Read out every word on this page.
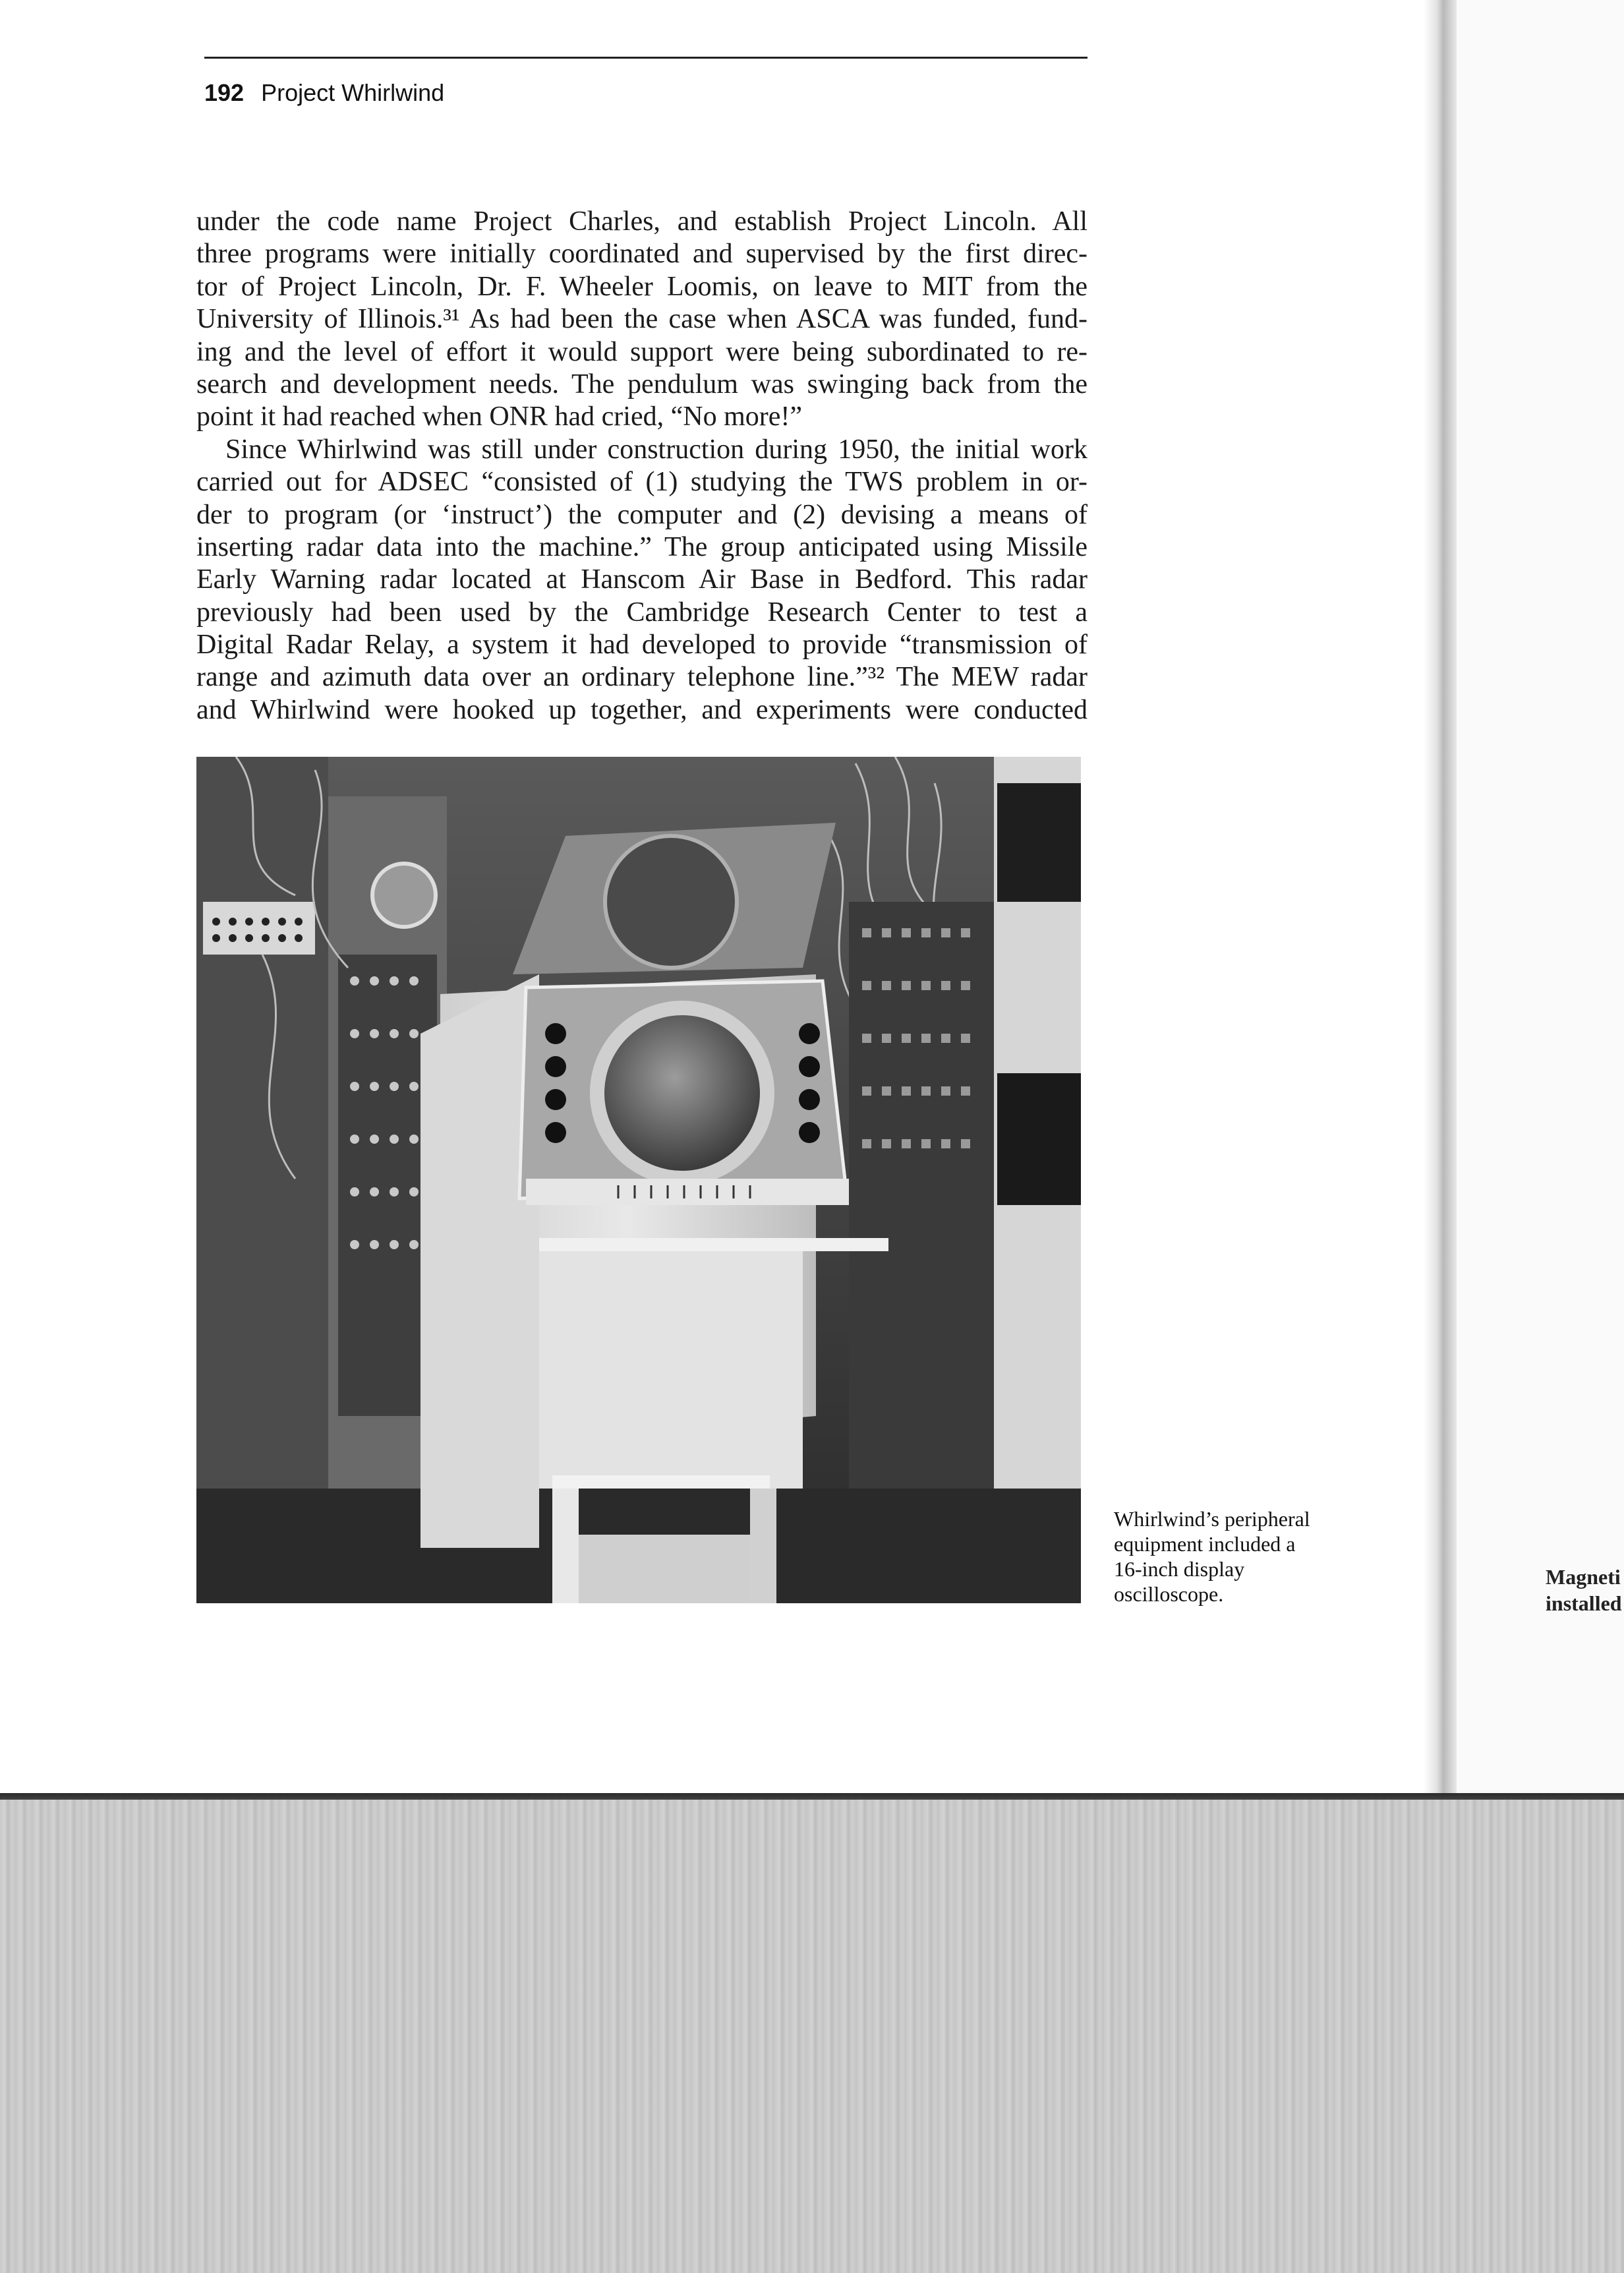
192 Project Whirlwind
under the code name Project Charles, and establish Project Lincoln. All
three programs were initially coordinated and supervised by the first direc-
tor of Project Lincoln, Dr. F. Wheeler Loomis, on leave to MIT from the
University of Illinois.³¹ As had been the case when ASCA was funded, fund-
ing and the level of effort it would support were being subordinated to re-
search and development needs. The pendulum was swinging back from the
point it had reached when ONR had cried, “No more!”
Since Whirlwind was still under construction during 1950, the initial work
carried out for ADSEC “consisted of (1) studying the TWS problem in or-
der to program (or ‘instruct’) the computer and (2) devising a means of
inserting radar data into the machine.” The group anticipated using Missile
Early Warning radar located at Hanscom Air Base in Bedford. This radar
previously had been used by the Cambridge Research Center to test a
Digital Radar Relay, a system it had developed to provide “transmission of
range and azimuth data over an ordinary telephone line.”³² The MEW radar
and Whirlwind were hooked up together, and experiments were conducted
Whirlwind’s peripheral
equipment included a
16-inch display
oscilloscope.
Magneti
installed
